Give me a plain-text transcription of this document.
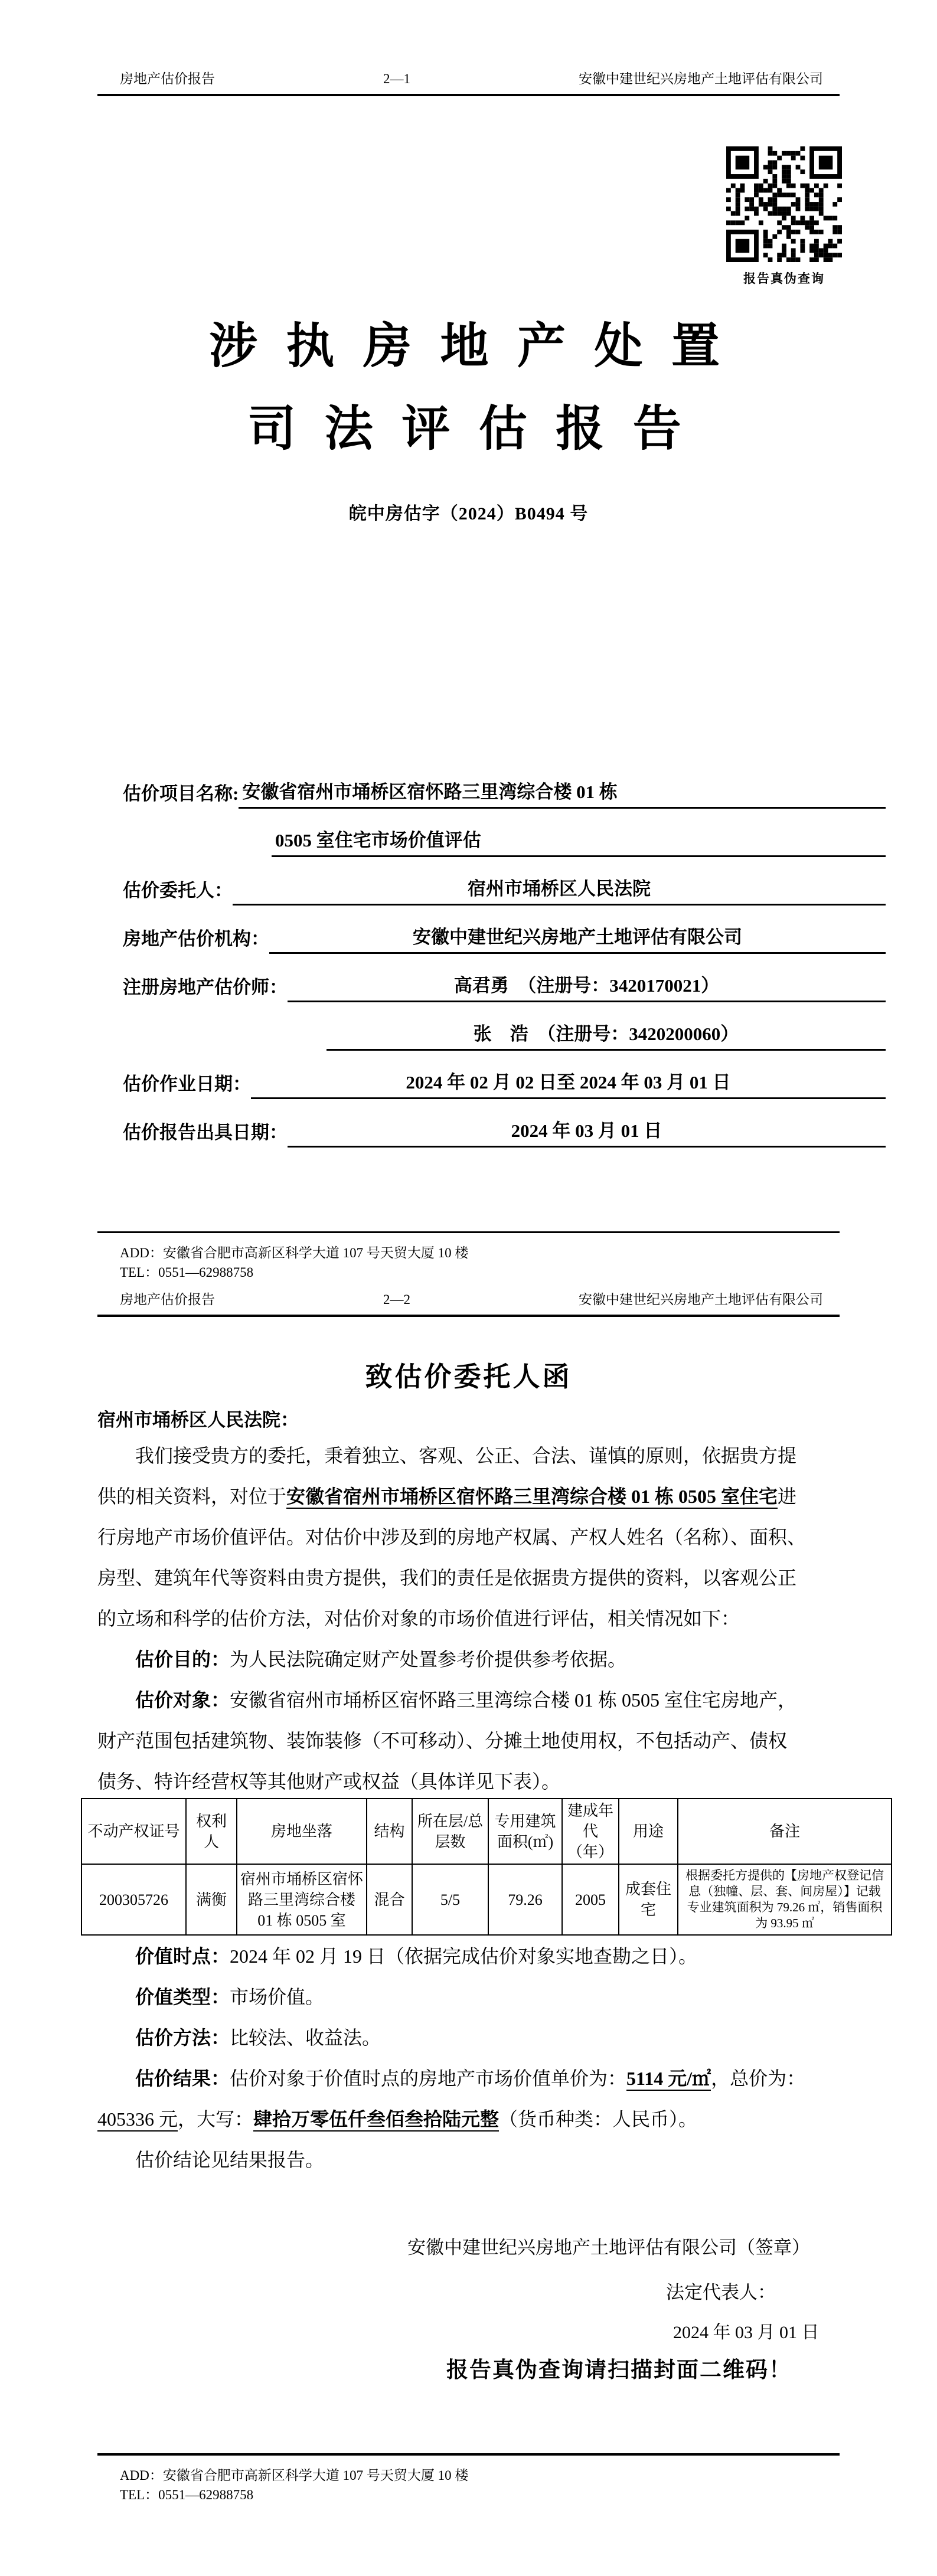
房地产估价报告	2—1	安徽中建世纪兴房地产土地评估有限公司
报告真伪查询
涉 执 房 地 产 处 置
司 法 评 估 报 告
皖中房估字（2024）B0494 号
估价项目名称: 安徽省宿州市埇桥区宿怀路三里湾综合楼 01 栋
0505 室住宅市场价值评估
估价委托人：	宿州市埇桥区人民法院
房地产估价机构：	安徽中建世纪兴房地产土地评估有限公司
注册房地产估价师：	高君勇　（注册号：3420170021）
张　浩　（注册号：3420200060）
估价作业日期：	2024 年 02 月 02 日至 2024 年 03 月 01 日
估价报告出具日期：	2024 年 03 月 01 日
ADD：安徽省合肥市高新区科学大道 107 号天贸大厦 10 楼
TEL：0551—62988758
房地产估价报告	2—2	安徽中建世纪兴房地产土地评估有限公司
致估价委托人函
宿州市埇桥区人民法院：
我们接受贵方的委托，秉着独立、客观、公正、合法、谨慎的原则，依据贵方提
供的相关资料，对位于安徽省宿州市埇桥区宿怀路三里湾综合楼 01 栋 0505 室住宅进
行房地产市场价值评估。对估价中涉及到的房地产权属、产权人姓名（名称）、面积、
房型、建筑年代等资料由贵方提供，我们的责任是依据贵方提供的资料，以客观公正
的立场和科学的估价方法，对估价对象的市场价值进行评估，相关情况如下：
估价目的：为人民法院确定财产处置参考价提供参考依据。
估价对象：安徽省宿州市埇桥区宿怀路三里湾综合楼 01 栋 0505 室住宅房地产，
财产范围包括建筑物、装饰装修（不可移动）、分摊土地使用权，不包括动产、债权
债务、特许经营权等其他财产或权益（具体详见下表）。
不动产权证号	权利人	房地坐落	结构	所在层/总层数	专用建筑面积(㎡)	建成年代（年）	用途	备注
200305726	满衡	宿州市埇桥区宿怀路三里湾综合楼 01 栋 0505 室	混合	5/5	79.26	2005	成套住宅	根据委托方提供的【房地产权登记信息（独幢、层、套、间房屋）】记载专业建筑面积为 79.26 ㎡，销售面积为 93.95 ㎡
价值时点：2024 年 02 月 19 日（依据完成估价对象实地查勘之日）。
价值类型：市场价值。
估价方法：比较法、收益法。
估价结果：估价对象于价值时点的房地产市场价值单价为：5114 元/㎡，总价为：
405336 元，大写：肆拾万零伍仟叁佰叁拾陆元整（货币种类：人民币）。
估价结论见结果报告。
安徽中建世纪兴房地产土地评估有限公司（签章）
法定代表人：
2024 年 03 月 01 日
报告真伪查询请扫描封面二维码！
ADD：安徽省合肥市高新区科学大道 107 号天贸大厦 10 楼
TEL：0551—62988758
